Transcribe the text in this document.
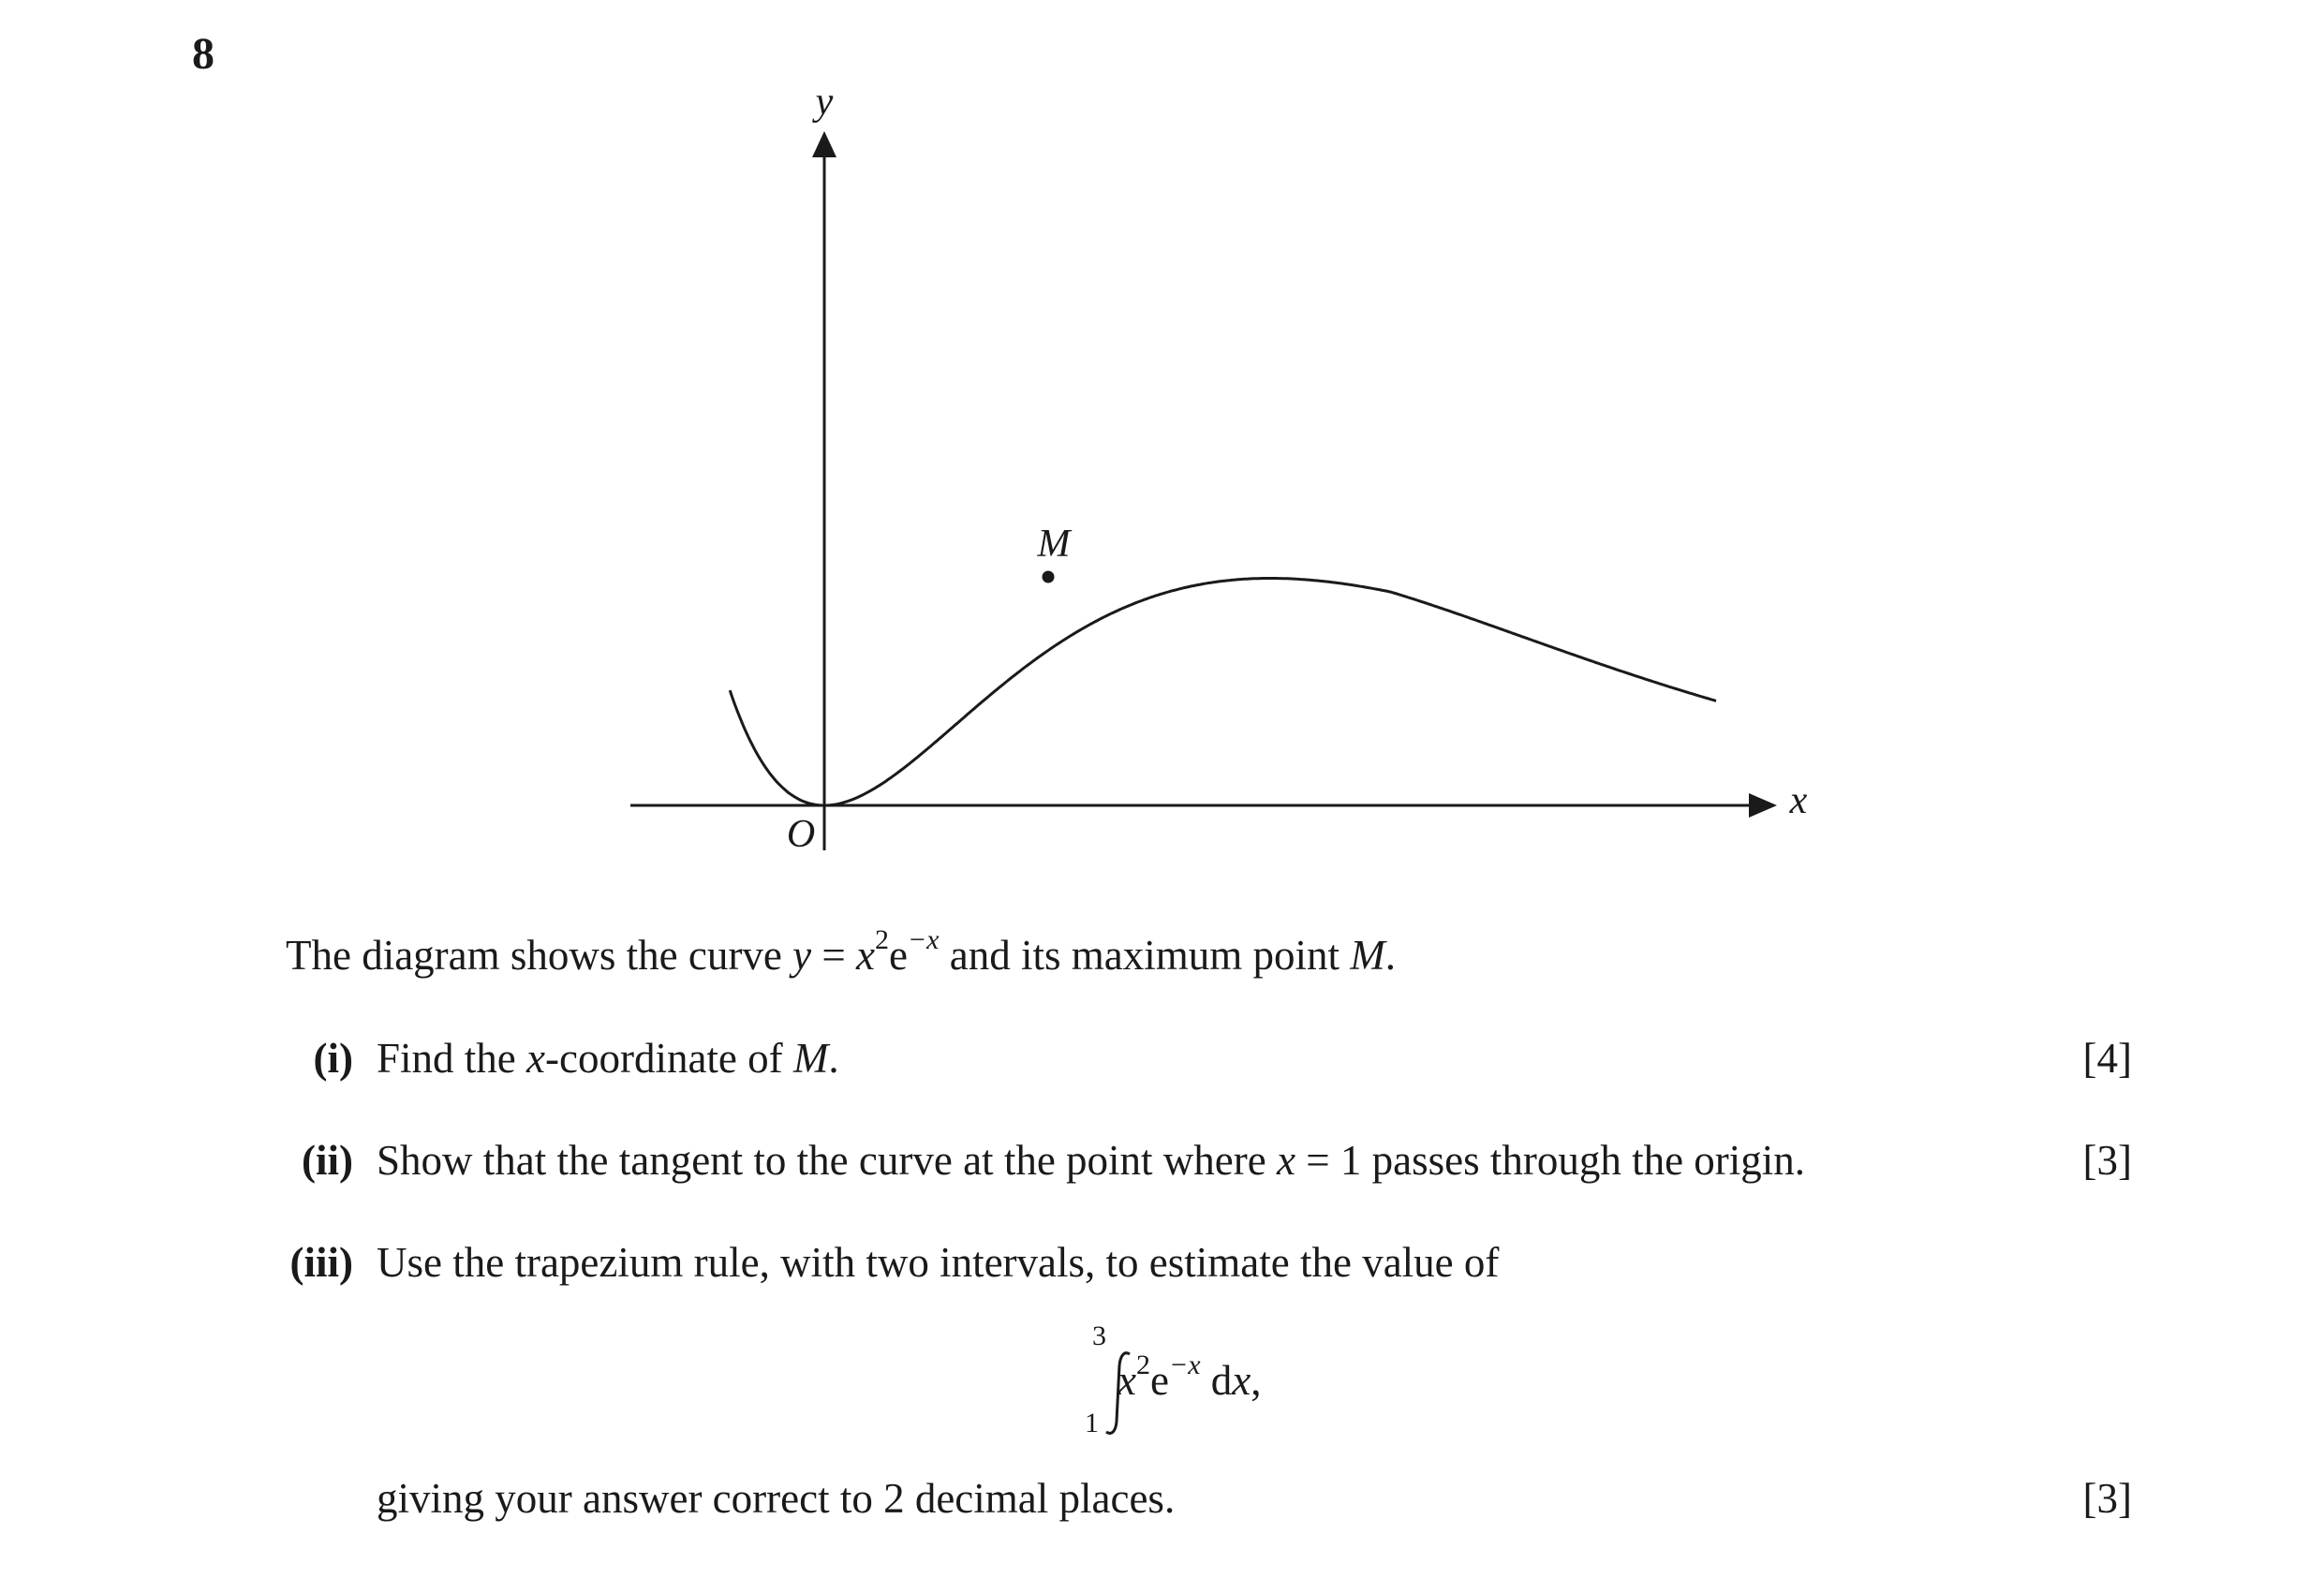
8
y
x
O
M
The diagram shows the curve $y = x^2e^{-x}$ and its maximum point M.
(i) Find the x-coordinate of M.	[4]
(ii) Show that the tangent to the curve at the point where x = 1 passes through the origin.	[3]
(iii) Use the trapezium rule, with two intervals, to estimate the value of
3
1
$x^2e^{-x}$ dx,
giving your answer correct to 2 decimal places.	[3]
